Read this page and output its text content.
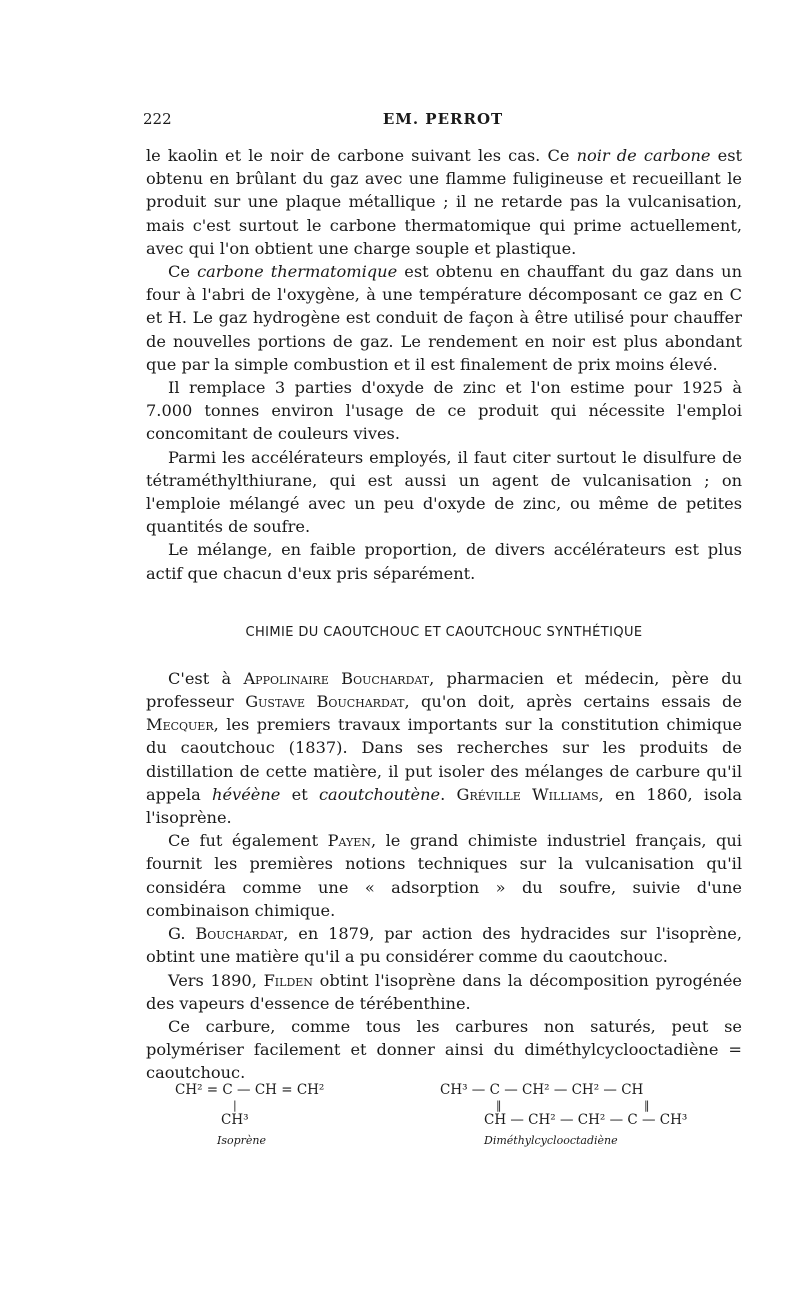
222	EM. PERROT

le kaolin et le noir de carbone suivant les cas. Ce noir de carbone est obtenu en brûlant du gaz avec une flamme fuligineuse et recueillant le produit sur une plaque métallique ; il ne retarde pas la vulcanisation, mais c'est surtout le carbone thermatomique qui prime actuellement, avec qui l'on obtient une charge souple et plastique.

Ce carbone thermatomique est obtenu en chauffant du gaz dans un four à l'abri de l'oxygène, à une température décomposant ce gaz en C et H. Le gaz hydrogène est conduit de façon à être utilisé pour chauffer de nouvelles portions de gaz. Le rendement en noir est plus abondant que par la simple combustion et il est finalement de prix moins élevé.

Il remplace 3 parties d'oxyde de zinc et l'on estime pour 1925 à 7.000 tonnes environ l'usage de ce produit qui nécessite l'emploi concomitant de couleurs vives.

Parmi les accélérateurs employés, il faut citer surtout le disulfure de tétraméthylthiurane, qui est aussi un agent de vulcanisation ; on l'emploie mélangé avec un peu d'oxyde de zinc, ou même de petites quantités de soufre.

Le mélange, en faible proportion, de divers accélérateurs est plus actif que chacun d'eux pris séparément.

CHIMIE DU CAOUTCHOUC ET CAOUTCHOUC SYNTHÉTIQUE

C'est à Appolinaire Bouchardat, pharmacien et médecin, père du professeur Gustave Bouchardat, qu'on doit, après certains essais de Mecquer, les premiers travaux importants sur la constitution chimique du caoutchouc (1837). Dans ses recherches sur les produits de distillation de cette matière, il put isoler des mélanges de carbure qu'il appela hévéène et caoutchoutène. Gréville Williams, en 1860, isola l'isoprène.

Ce fut également Payen, le grand chimiste industriel français, qui fournit les premières notions techniques sur la vulcanisation qu'il considéra comme une « adsorption » du soufre, suivie d'une combinaison chimique.

G. Bouchardat, en 1879, par action des hydracides sur l'isoprène, obtint une matière qu'il a pu considérer comme du caoutchouc.

Vers 1890, Filden obtint l'isoprène dans la décomposition pyrogénée des vapeurs d'essence de térébenthine.

Ce carbure, comme tous les carbures non saturés, peut se polymériser facilement et donner ainsi du diméthylcyclooctadiène = caoutchouc.

CH² = C — CH = CH²
|
CH³
Isoprène
CH³ — C — CH² — CH² — CH
||	||
CH — CH² — CH² — C — CH³
Diméthylcyclooctadiène
